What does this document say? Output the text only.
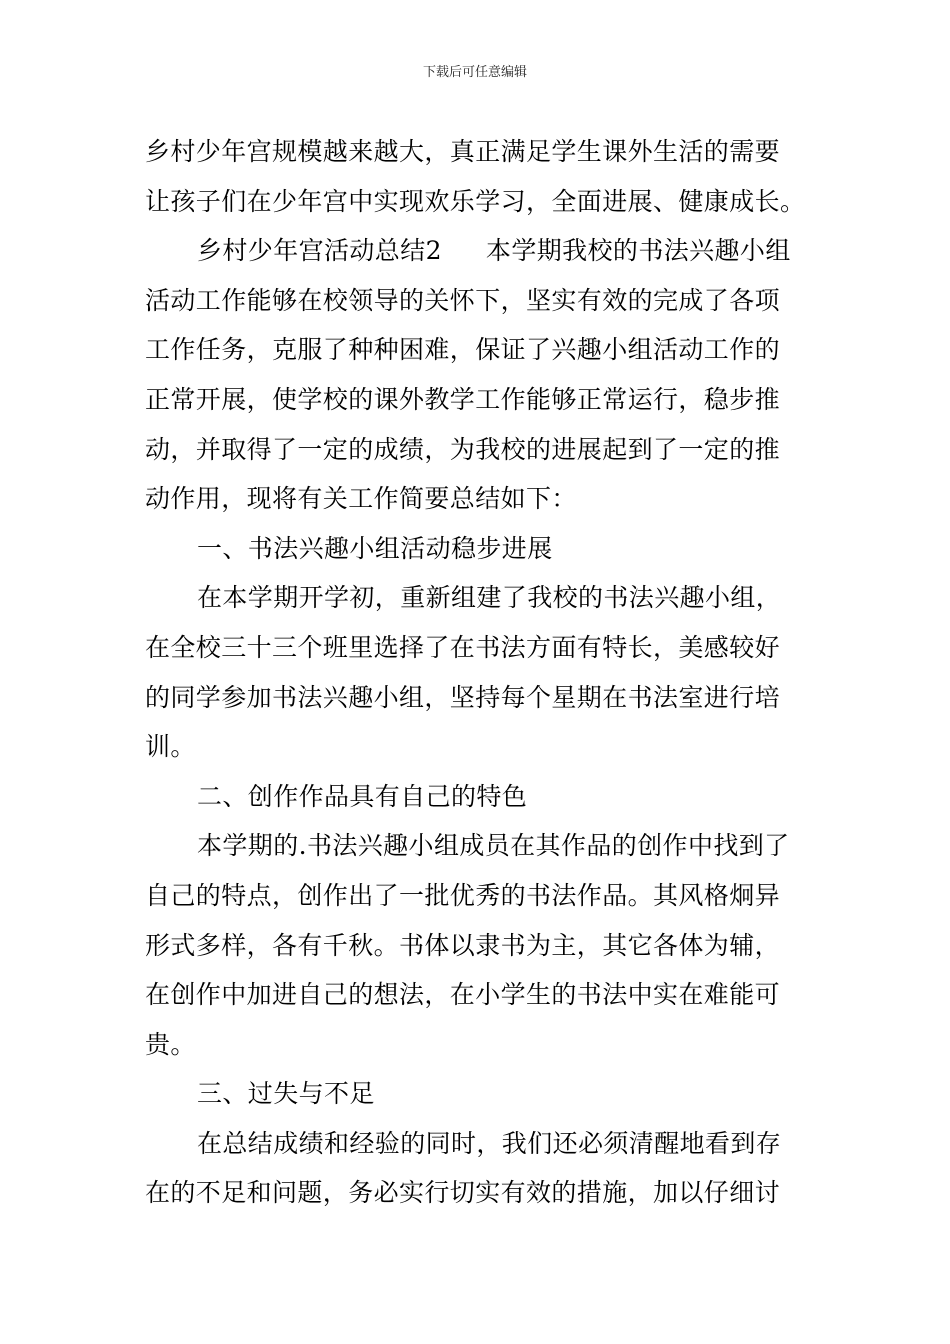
下载后可任意编辑
乡村少年宫规模越来越大，真正满足学生课外生活的需要
让孩子们在少年宫中实现欢乐学习，全面进展、健康成长。
乡村少年宫活动总结2 本学期我校的书法兴趣小组
活动工作能够在校领导的关怀下，坚实有效的完成了各项
工作任务，克服了种种困难，保证了兴趣小组活动工作的
正常开展，使学校的课外教学工作能够正常运行，稳步推
动，并取得了一定的成绩，为我校的进展起到了一定的推
动作用，现将有关工作简要总结如下：
一、书法兴趣小组活动稳步进展
在本学期开学初，重新组建了我校的书法兴趣小组，
在全校三十三个班里选择了在书法方面有特长，美感较好
的同学参加书法兴趣小组，坚持每个星期在书法室进行培
训。
二、创作作品具有自己的特色
本学期的.书法兴趣小组成员在其作品的创作中找到了
自己的特点，创作出了一批优秀的书法作品。其风格炯异
形式多样，各有千秋。书体以隶书为主，其它各体为辅，
在创作中加进自己的想法，在小学生的书法中实在难能可
贵。
三、过失与不足
在总结成绩和经验的同时，我们还必须清醒地看到存
在的不足和问题，务必实行切实有效的措施，加以仔细讨
